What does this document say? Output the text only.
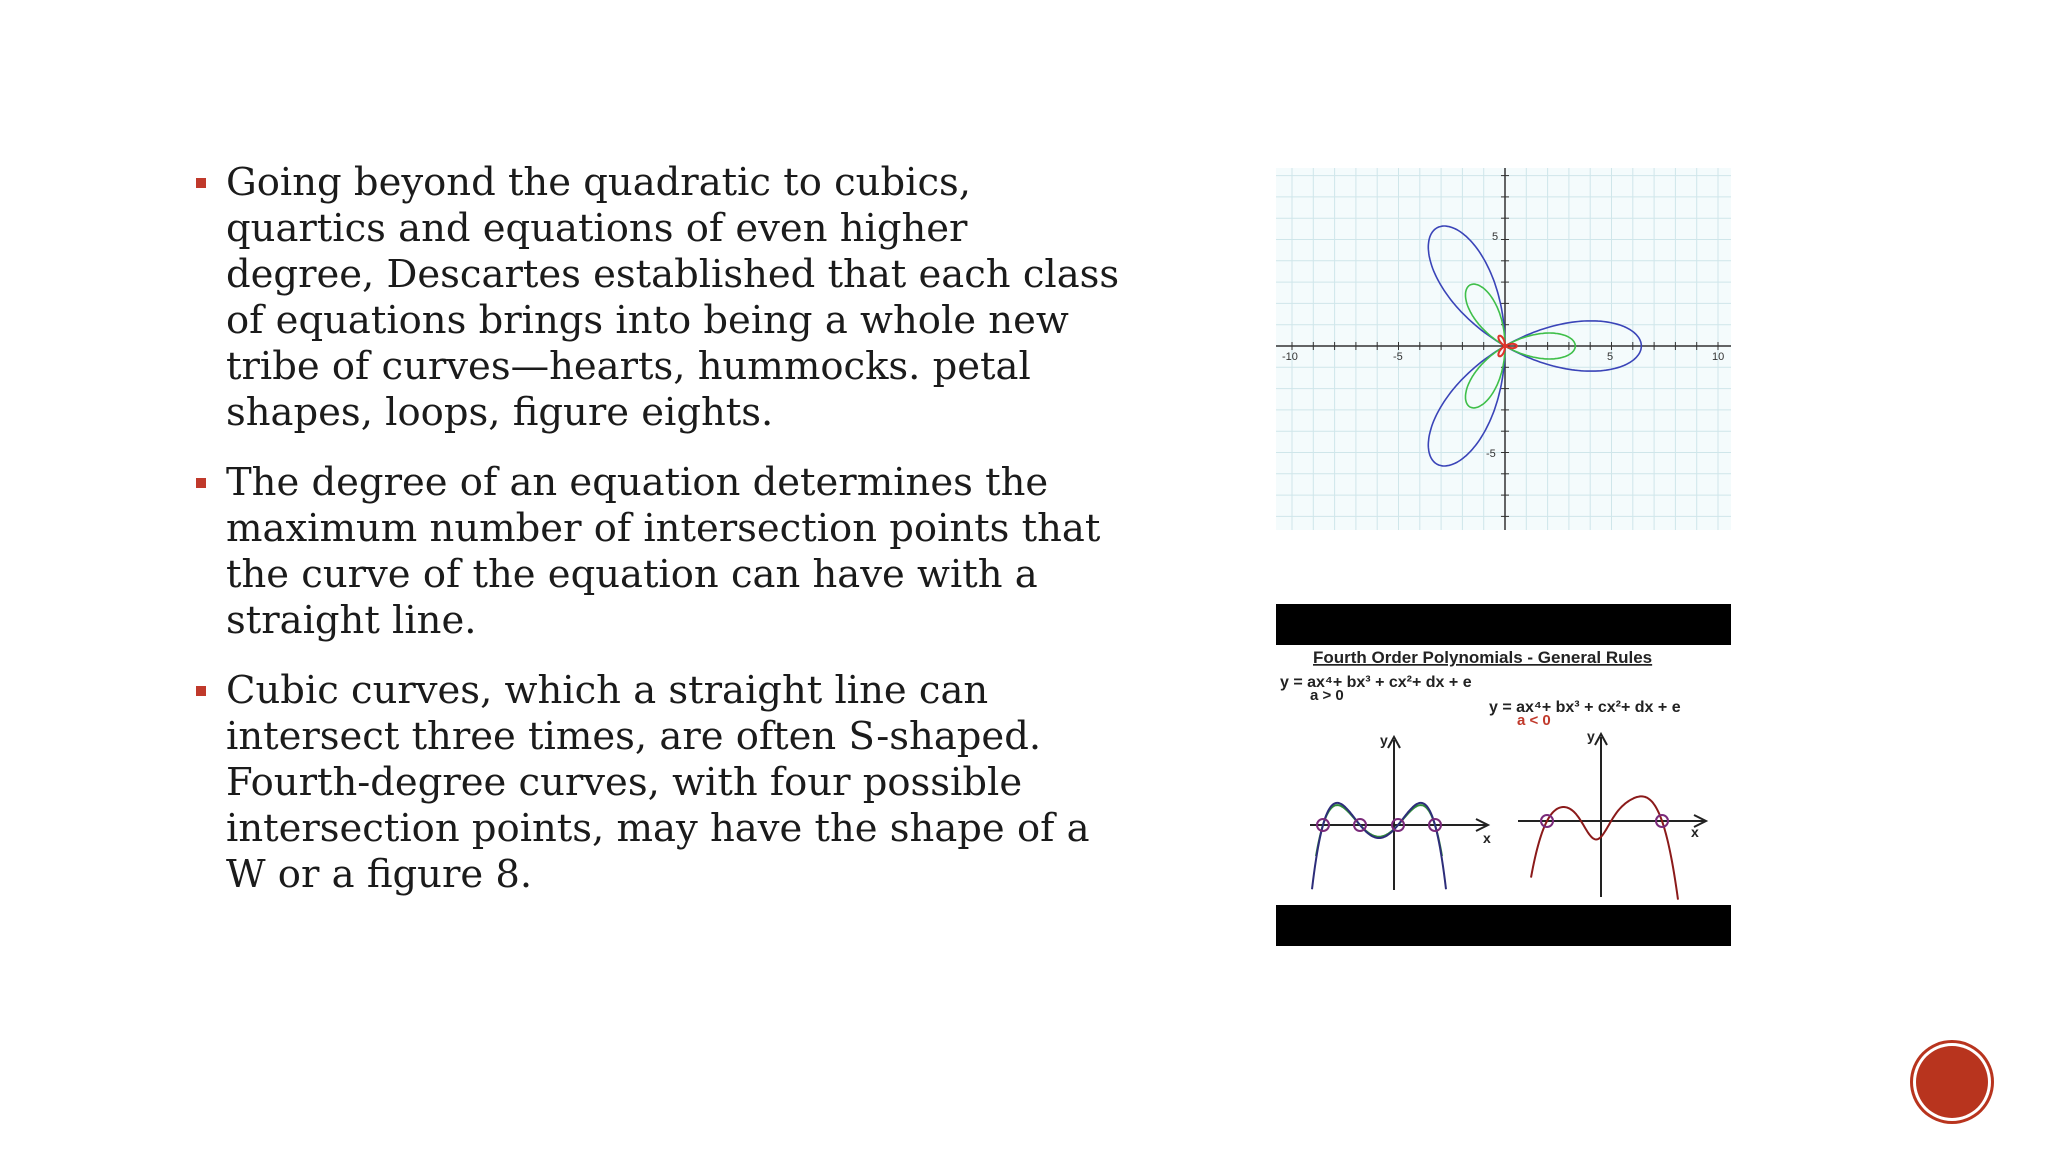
Going beyond the quadratic to cubics, quartics and equations of even higher degree, Descartes established that each class of equations brings into being a whole new tribe of curves—hearts, hummocks. petal shapes, loops, figure eights.
The degree of an equation determines the maximum number of intersection points that the curve of the equation can have with a straight line.
Cubic curves, which a straight line can intersect three times, are often S-shaped. Fourth-degree curves, with four possible intersection points, may have the shape of a W or a figure 8.
-10	-5	5	10
5
-5
Fourth Order Polynomials - General Rules
y = ax⁴+ bx³ + cx²+ dx + e
a > 0
y = ax⁴+ bx³ + cx²+ dx + e
a < 0
x
y
x
y
